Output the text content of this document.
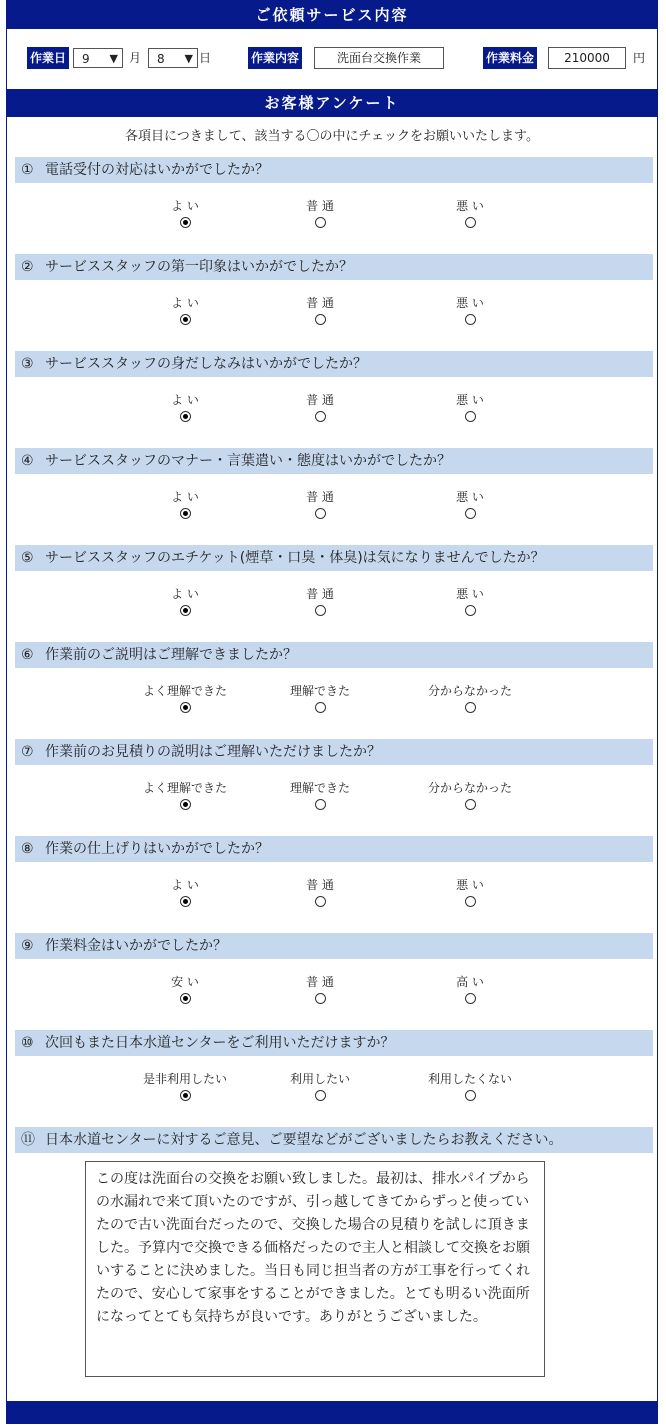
ご依頼サービス内容
作業日 9 ▼ 月 8 ▼ 日	作業内容	洗面台交換作業	作業料金	210000	円
お客様アンケート
各項目につきまして、該当する〇の中にチェックをお願いいたします。
① 電話受付の対応はいかがでしたか？
よ い	普 通	悪 い
② サービススタッフの第一印象はいかがでしたか？
よ い	普 通	悪 い
③ サービススタッフの身だしなみはいかがでしたか？
よ い	普 通	悪 い
④ サービススタッフのマナー・言葉遣い・態度はいかがでしたか？
よ い	普 通	悪 い
⑤ サービススタッフのエチケット(煙草・口臭・体臭)は気になりませんでしたか？
よ い	普 通	悪 い
⑥ 作業前のご説明はご理解できましたか？
よく理解できた	理解できた	分からなかった
⑦ 作業前のお見積りの説明はご理解いただけましたか？
よく理解できた	理解できた	分からなかった
⑧ 作業の仕上げりはいかがでしたか？
よ い	普 通	悪 い
⑨ 作業料金はいかがでしたか？
安 い	普 通	高 い
⑩ 次回もまた日本水道センターをご利用いただけますか？
是非利用したい	利用したい	利用したくない
⑪ 日本水道センターに対するご意見、ご要望などがございましたらお教えください。
この度は洗面台の交換をお願い致しました。最初は、排水パイプからの水漏れで来て頂いたのですが、引っ越してきてからずっと使っていたので古い洗面台だったので、交換した場合の見積りを試しに頂きました。予算内で交換できる価格だったので主人と相談して交換をお願いすることに決めました。当日も同じ担当者の方が工事を行ってくれたので、安心して家事をすることができました。とても明るい洗面所になってとても気持ちが良いです。ありがとうございました。
